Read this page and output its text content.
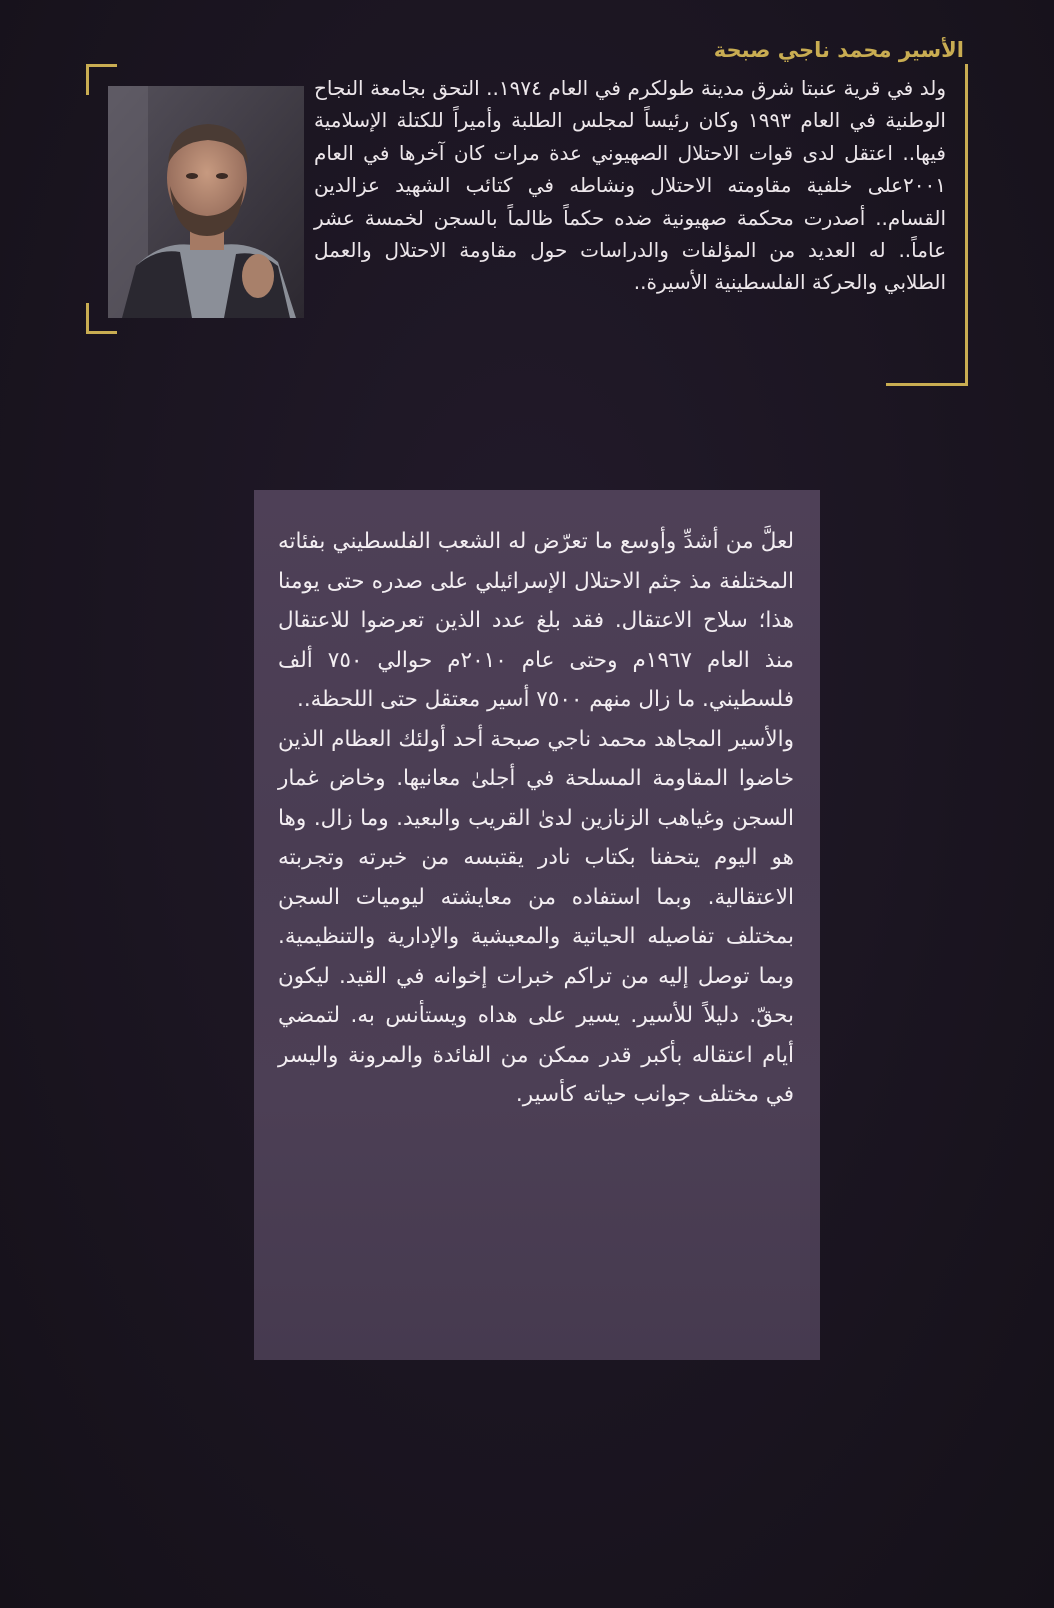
الأسير محمد ناجي صبحة

ولد في قرية عنبتا شرق مدينة طولكرم في العام ١٩٧٤.. التحق بجامعة النجاح الوطنية في العام ١٩٩٣ وكان رئيساً لمجلس الطلبة وأميراً للكتلة الإسلامية فيها.. اعتقل لدى قوات الاحتلال الصهيوني عدة مرات كان آخرها في العام ٢٠٠١على خلفية مقاومته الاحتلال ونشاطه في كتائب الشهيد عزالدين القسام.. أصدرت محكمة صهيونية ضده حكماً ظالماً بالسجن لخمسة عشر عاماً.. له العديد من المؤلفات والدراسات حول مقاومة الاحتلال والعمل الطلابي والحركة الفلسطينية الأسيرة..

لعلَّ من أشدِّ وأوسع ما تعرّض له الشعب الفلسطيني بفئاته المختلفة مذ جثم الاحتلال الإسرائيلي على صدره حتى يومنا هذا؛ سلاح الاعتقال. فقد بلغ عدد الذين تعرضوا للاعتقال منذ العام ١٩٦٧م وحتى عام ٢٠١٠م حوالي ٧٥٠ ألف فلسطيني. ما زال منهم ٧٥٠٠ أسير معتقل حتى اللحظة..

والأسير المجاهد محمد ناجي صبحة أحد أولئك العظام الذين خاضوا المقاومة المسلحة في أجلىٰ معانيها. وخاض غمار السجن وغياهب الزنازين لدىٰ القريب والبعيد. وما زال. وها هو اليوم يتحفنا بكتاب نادر يقتبسه من خبرته وتجربته الاعتقالية. وبما استفاده من معايشته ليوميات السجن بمختلف تفاصيله الحياتية والمعيشية والإدارية والتنظيمية. وبما توصل إليه من تراكم خبرات إخوانه في القيد. ليكون بحقّ. دليلاً للأسير. يسير على هداه ويستأنس به. لتمضي أيام اعتقاله بأكبر قدر ممكن من الفائدة والمرونة واليسر في مختلف جوانب حياته كأسير.
